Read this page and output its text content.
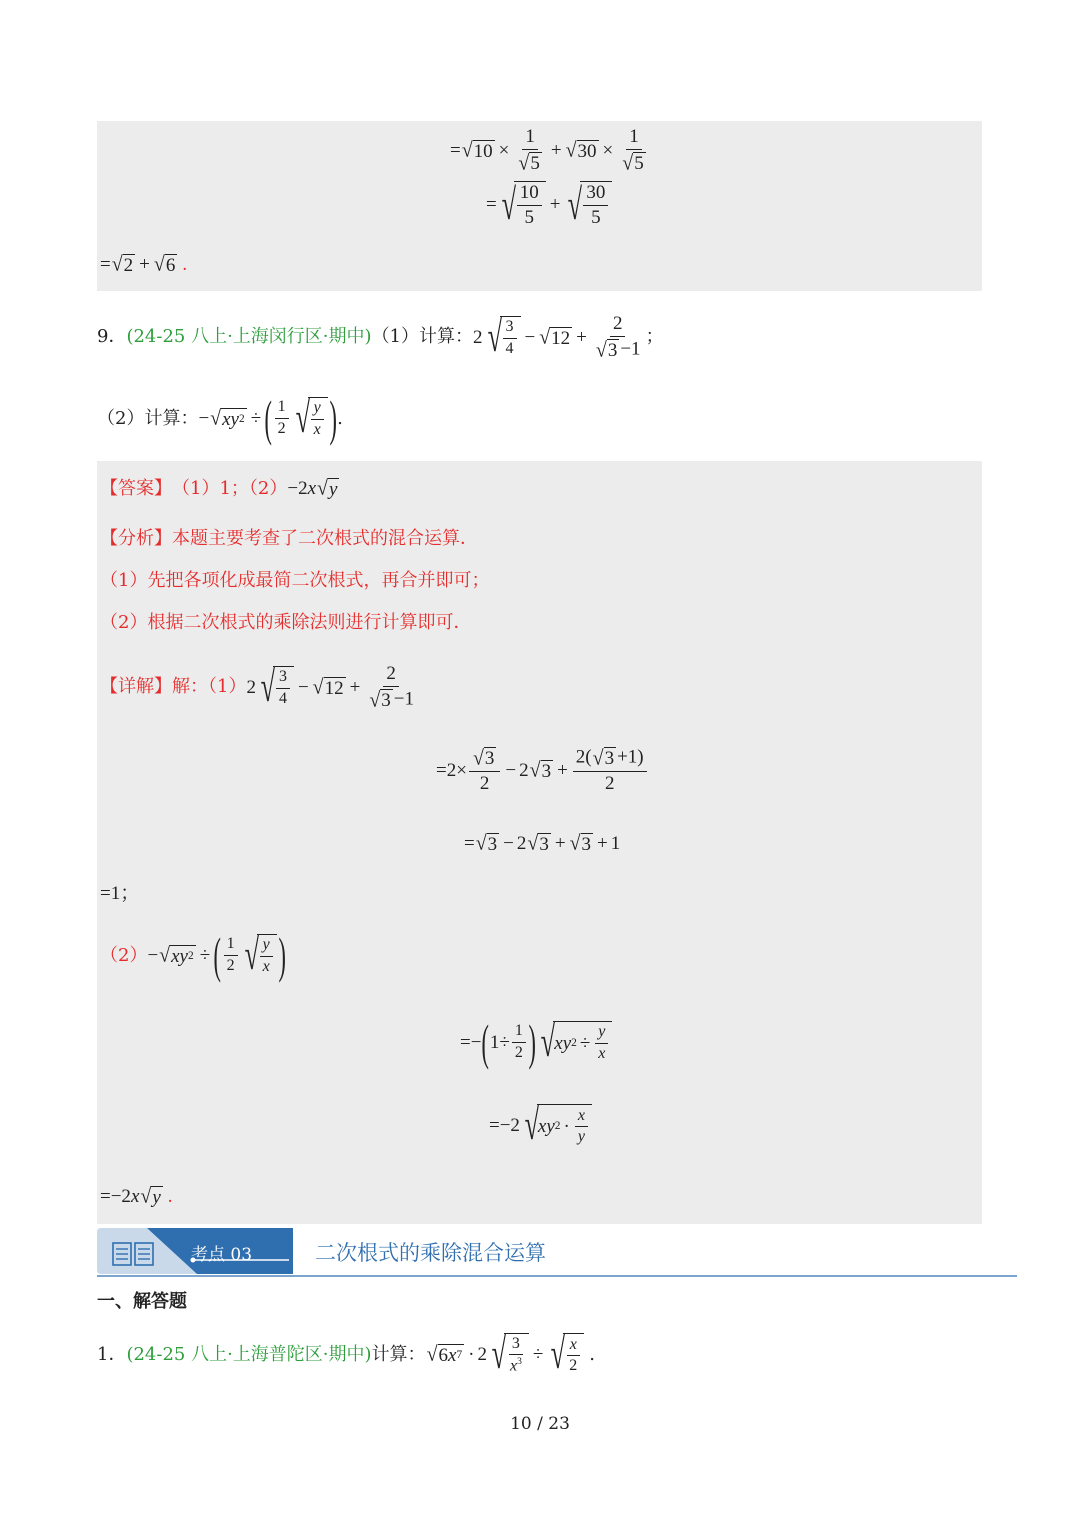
= √ $10 \times \frac{1}{√ 5}$ + √ $30 \times \frac{1}{√ 5}$
= √ $\frac{10}{5}$ + √ $\frac{30}{5}$
= √ 2 + √ 6 .
9． (24-25 八上·上海闵行区·期中) （1）计算： 2 √ $\frac{3}{4}$ − √ $12 + \frac{2}{√ 3 -1}$ ；
（2）计算： − √ xy 2 ÷ ( $\frac{1}{2}$ √ $\frac{y}{x}$ ) .
【答案】 （1）1；（2） −2 x √ y
【分析】 本题主要考查了二次根式的混合运算．
（1）先把各项化成最简二次根式，再合并即可；
（2）根据二次根式的乘除法则进行计算即可．
【详解】 解：（1） 2 √ $\frac{3}{4}$ − √ $12 + \frac{2}{√ 3 -1}$
$=2\times \frac{√ 3}{2} - 2$ √ $3 + \frac{2( √ 3 +1)}{2}$
= √ 3 − 2 √ 3 + √ 3 + 1
=1；
（2） − √ xy 2 ÷ ( $\frac{1}{2}$ √ $\frac{y}{x}$ )
=− ( $1\div \frac{1}{2}$ ) √ xy $2 \div \frac{y}{x}$
=−2 √ xy $2 \cdot \frac{x}{y}$
=−2 x √ y .
考点 03	二次根式的乘除混合运算
一、解答题
1． (24-25 八上·上海普陀区·期中) 计算： √ 6 x 7 · 2 √ $\frac{3}{x^3}$ ÷ √ $\frac{x}{2}$ .
10 / 23
